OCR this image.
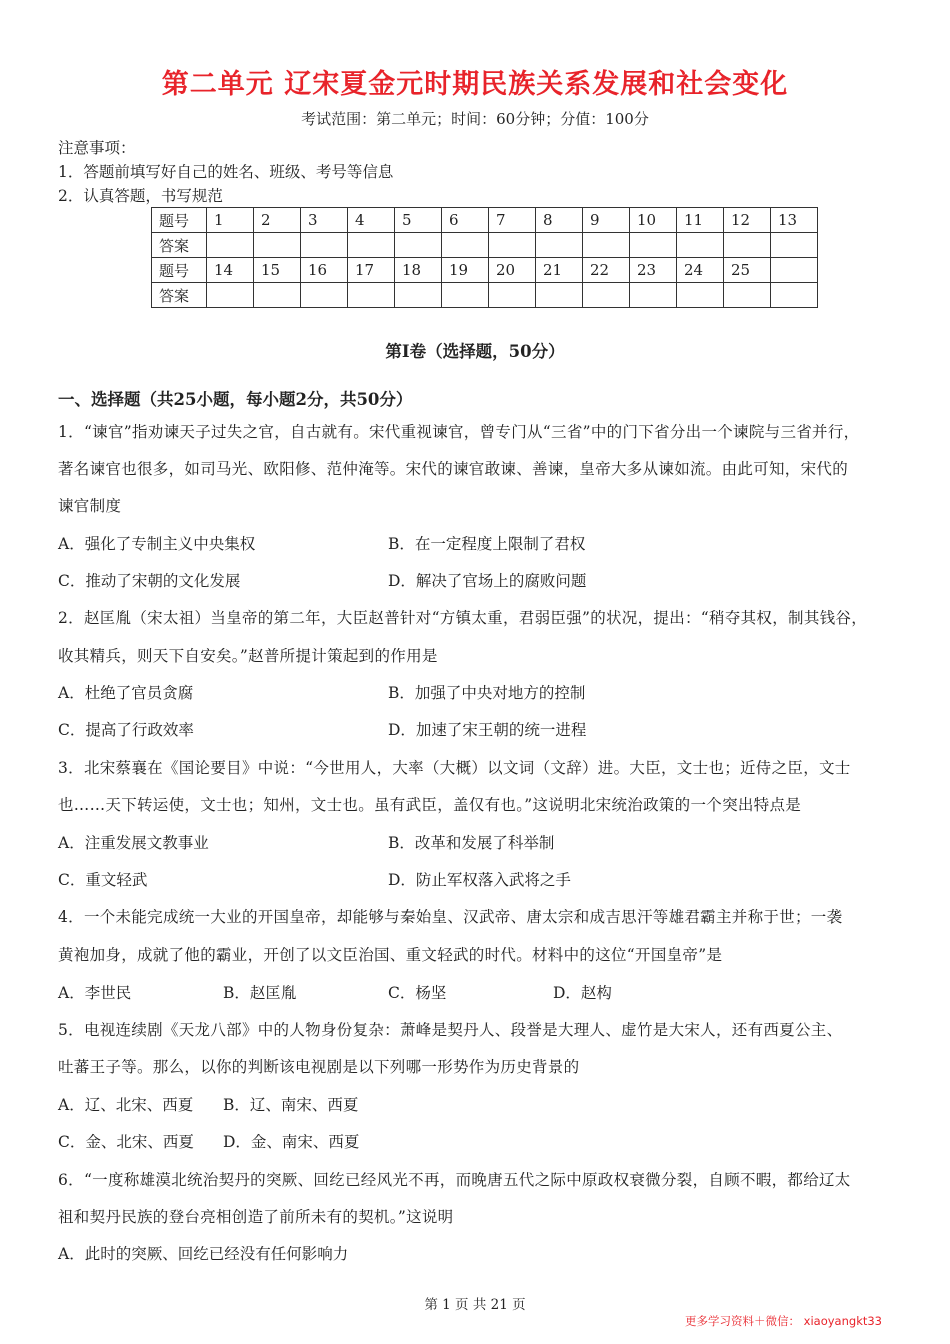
第二单元 辽宋夏金元时期民族关系发展和社会变化
考试范围：第二单元；时间：60分钟；分值：100分
注意事项：
1．答题前填写好自己的姓名、班级、考号等信息
2．认真答题，书写规范
题号	1	2	3	4	5	6	7	8	9	10	11	12	13
答案													
题号	14	15	16	17	18	19	20	21	22	23	24	25	
答案													
第Ⅰ卷（选择题，50分）
一、选择题（共25小题，每小题2分，共50分）
1．“谏官”指劝谏天子过失之官，自古就有。宋代重视谏官，曾专门从“三省”中的门下省分出一个谏院与三省并行，
著名谏官也很多，如司马光、欧阳修、范仲淹等。宋代的谏官敢谏、善谏，皇帝大多从谏如流。由此可知，宋代的
谏官制度
A．强化了专制主义中央集权	B．在一定程度上限制了君权
C．推动了宋朝的文化发展	D．解决了官场上的腐败问题
2．赵匡胤（宋太祖）当皇帝的第二年，大臣赵普针对“方镇太重，君弱臣强”的状况，提出：“稍夺其权，制其钱谷，
收其精兵，则天下自安矣。”赵普所提计策起到的作用是
A．杜绝了官员贪腐	B．加强了中央对地方的控制
C．提高了行政效率	D．加速了宋王朝的统一进程
3．北宋蔡襄在《国论要目》中说：“今世用人，大率（大概）以文词（文辞）进。大臣，文士也；近侍之臣，文士
也……天下转运使，文士也；知州，文士也。虽有武臣，盖仅有也。”这说明北宋统治政策的一个突出特点是
A．注重发展文教事业	B．改革和发展了科举制
C．重文轻武	D．防止军权落入武将之手
4．一个未能完成统一大业的开国皇帝，却能够与秦始皇、汉武帝、唐太宗和成吉思汗等雄君霸主并称于世；一袭
黄袍加身，成就了他的霸业，开创了以文臣治国、重文轻武的时代。材料中的这位“开国皇帝”是
A．李世民	B．赵匡胤	C．杨坚	D．赵构
5．电视连续剧《天龙八部》中的人物身份复杂：萧峰是契丹人、段誉是大理人、虚竹是大宋人，还有西夏公主、
吐蕃王子等。那么，以你的判断该电视剧是以下列哪一形势作为历史背景的
A．辽、北宋、西夏 B．辽、南宋、西夏
C．金、北宋、西夏 D．金、南宋、西夏
6．“一度称雄漠北统治契丹的突厥、回纥已经风光不再，而晚唐五代之际中原政权衰微分裂，自顾不暇，都给辽太
祖和契丹民族的登台亮相创造了前所未有的契机。”这说明
A．此时的突厥、回纥已经没有任何影响力
第 1 页 共 21 页
更多学习资料＋微信： xiaoyangkt33
